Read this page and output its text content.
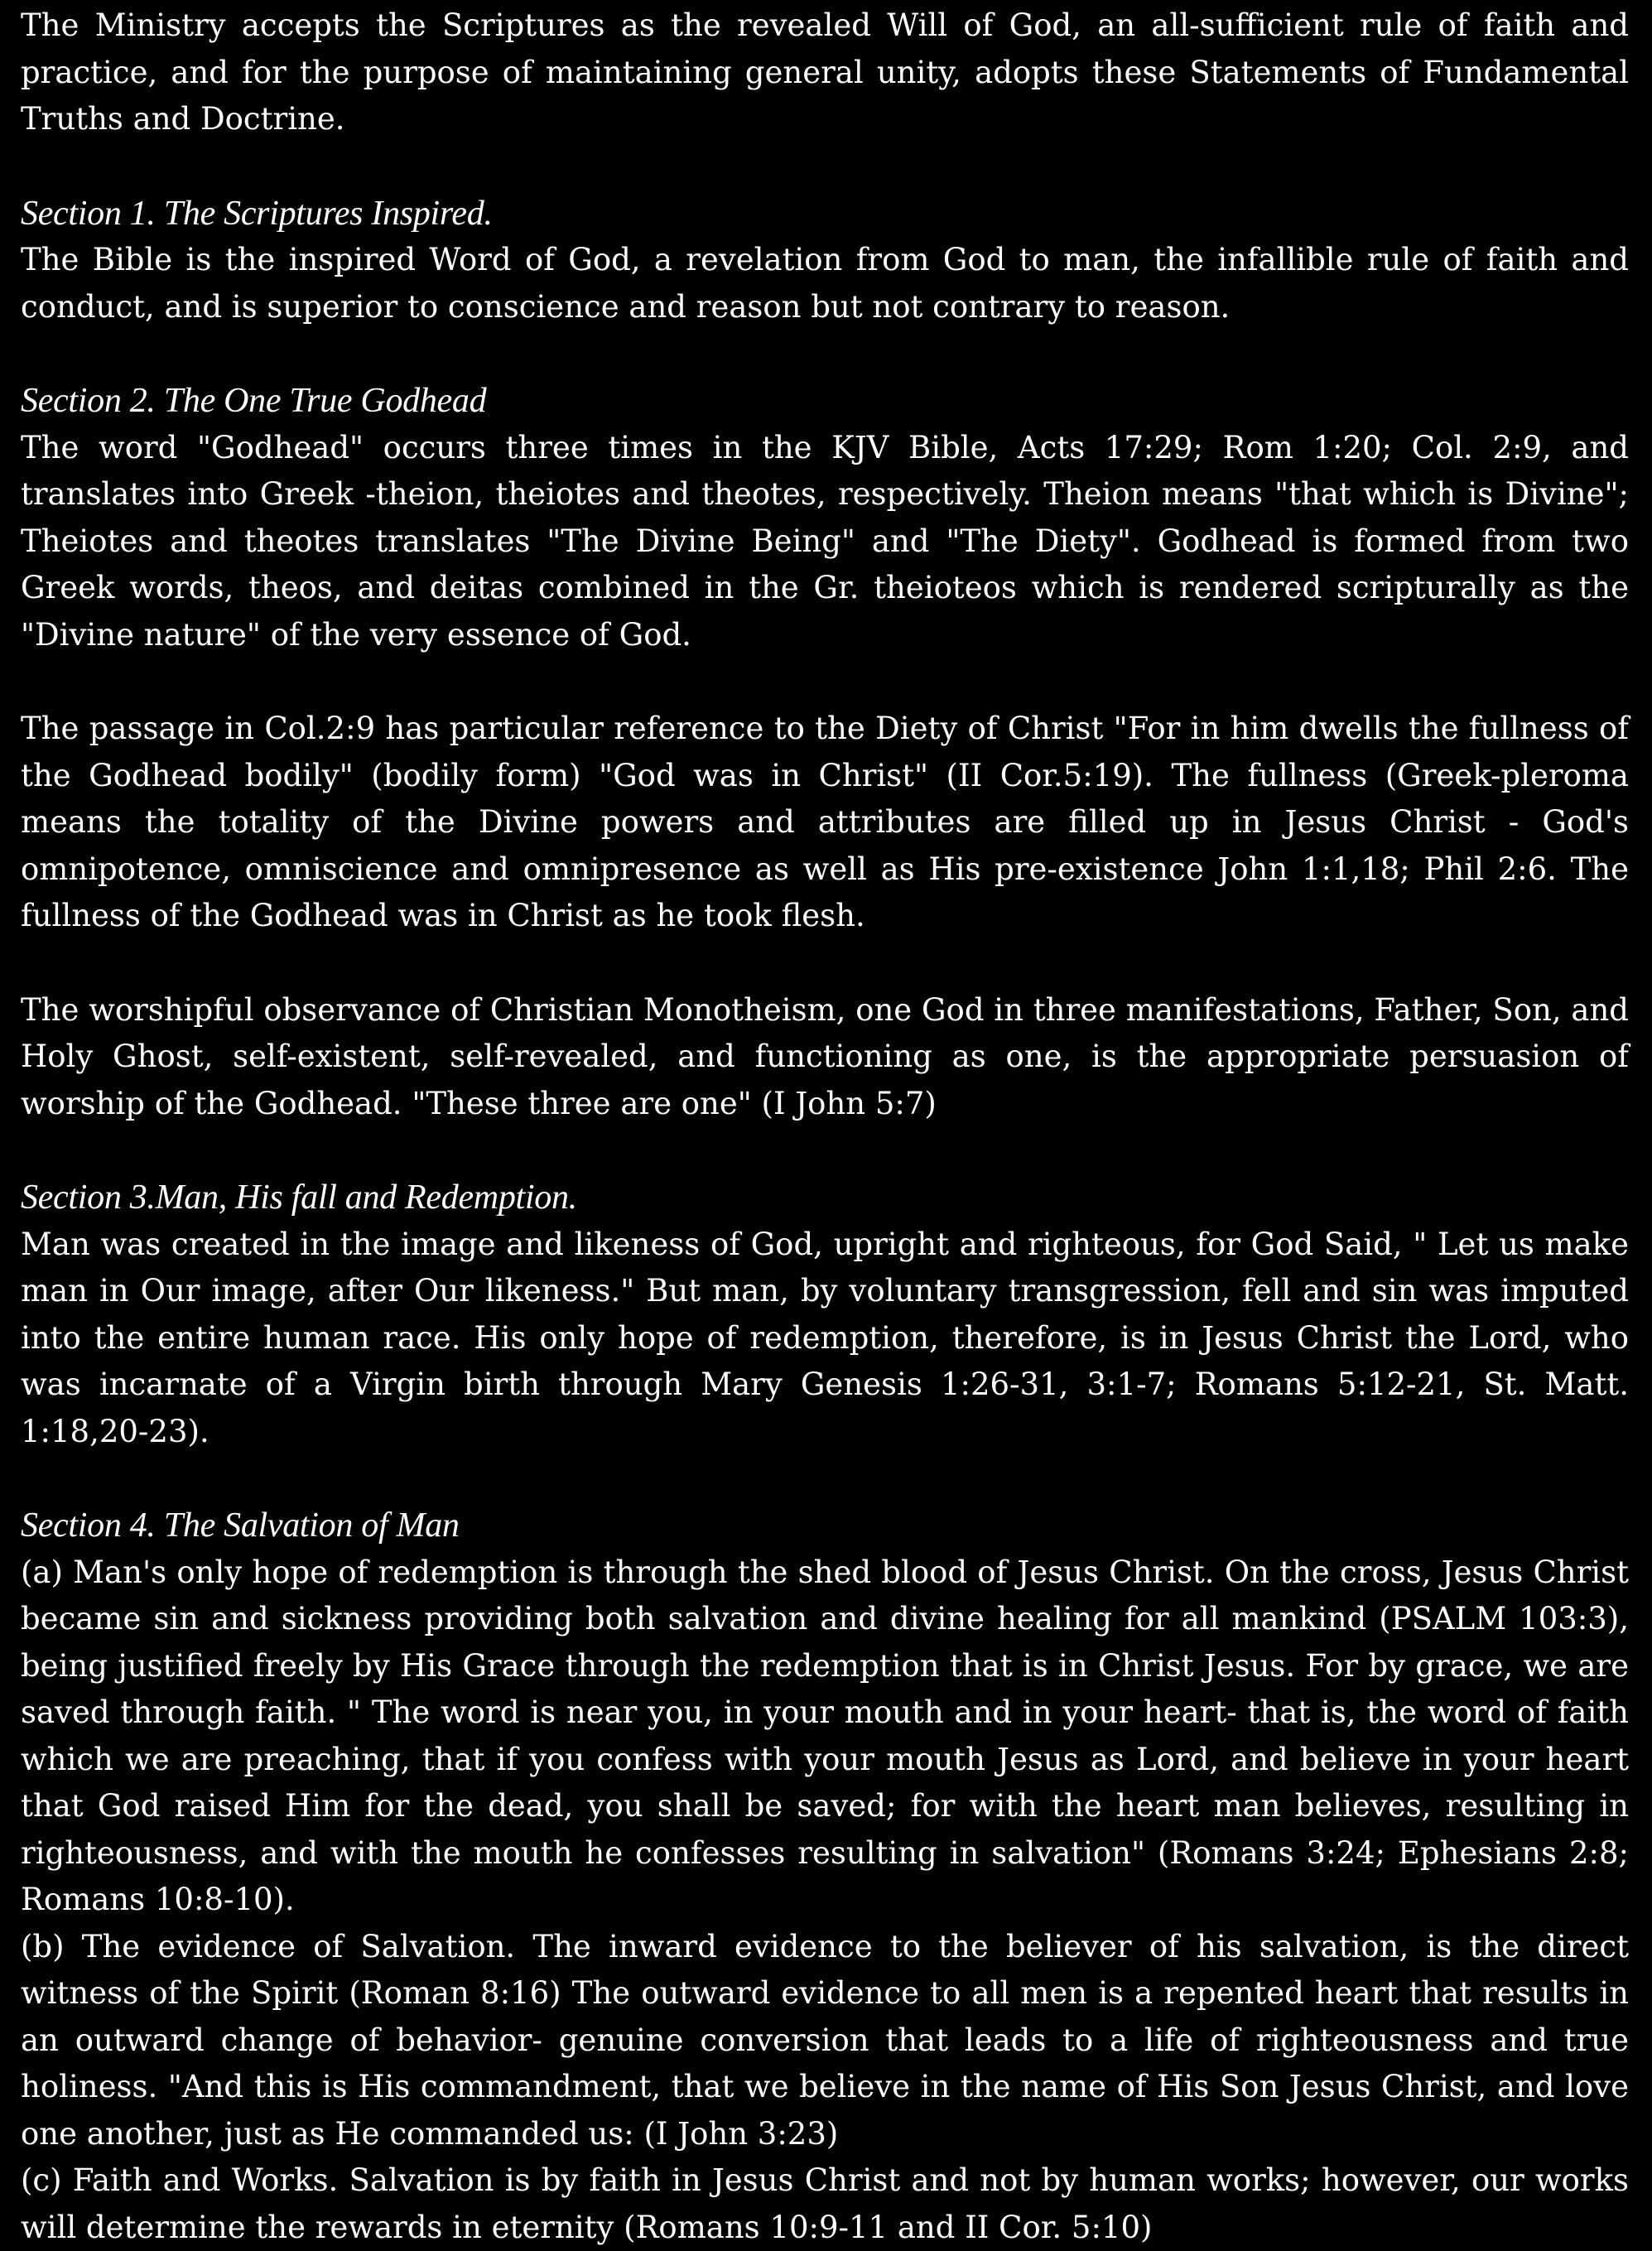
The Ministry accepts the Scriptures as the revealed Will of God, an all-sufficient rule of faith and practice, and for the purpose of maintaining general unity, adopts these Statements of Fundamental Truths and Doctrine.

Section 1. The Scriptures Inspired.

The Bible is the inspired Word of God, a revelation from God to man, the infallible rule of faith and conduct, and is superior to conscience and reason but not contrary to reason.

Section 2. The One True Godhead

The word "Godhead" occurs three times in the KJV Bible, Acts 17:29; Rom 1:20; Col. 2:9, and translates into Greek -theion, theiotes and theotes, respectively. Theion means "that which is Divine"; Theiotes and theotes translates "The Divine Being" and "The Diety". Godhead is formed from two Greek words, theos, and deitas combined in the Gr. theioteos which is rendered scripturally as the "Divine nature" of the very essence of God.

The passage in Col.2:9 has particular reference to the Diety of Christ "For in him dwells the fullness of the Godhead bodily" (bodily form) "God was in Christ" (II Cor.5:19). The fullness (Greek-pleroma means the totality of the Divine powers and attributes are filled up in Jesus Christ - God's omnipotence, omniscience and omnipresence as well as His pre-existence John 1:1,18; Phil 2:6. The fullness of the Godhead was in Christ as he took flesh.

The worshipful observance of Christian Monotheism, one God in three manifestations, Father, Son, and Holy Ghost, self-existent, self-revealed, and functioning as one, is the appropriate persuasion of worship of the Godhead. "These three are one" (I John 5:7)

Section 3.Man, His fall and Redemption.

Man was created in the image and likeness of God, upright and righteous, for God Said, " Let us make man in Our image, after Our likeness." But man, by voluntary transgression, fell and sin was imputed into the entire human race. His only hope of redemption, therefore, is in Jesus Christ the Lord, who was incarnate of a Virgin birth through Mary Genesis 1:26-31, 3:1-7; Romans 5:12-21, St. Matt. 1:18,20-23).

Section 4. The Salvation of Man

(a) Man's only hope of redemption is through the shed blood of Jesus Christ. On the cross, Jesus Christ became sin and sickness providing both salvation and divine healing for all mankind (PSALM 103:3), being justified freely by His Grace through the redemption that is in Christ Jesus. For by grace, we are saved through faith. " The word is near you, in your mouth and in your heart- that is, the word of faith which we are preaching, that if you confess with your mouth Jesus as Lord, and believe in your heart that God raised Him for the dead, you shall be saved; for with the heart man believes, resulting in righteousness, and with the mouth he confesses resulting in salvation" (Romans 3:24; Ephesians 2:8; Romans 10:8-10).

(b) The evidence of Salvation. The inward evidence to the believer of his salvation, is the direct witness of the Spirit (Roman 8:16) The outward evidence to all men is a repented heart that results in an outward change of behavior- genuine conversion that leads to a life of righteousness and true holiness. "And this is His commandment, that we believe in the name of His Son Jesus Christ, and love one another, just as He commanded us: (I John 3:23)

(c) Faith and Works. Salvation is by faith in Jesus Christ and not by human works; however, our works will determine the rewards in eternity (Romans 10:9-11 and II Cor. 5:10)
